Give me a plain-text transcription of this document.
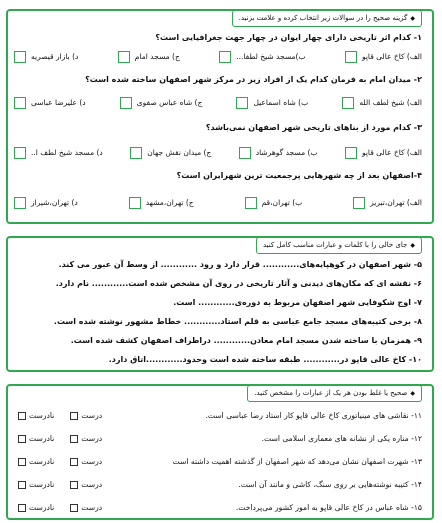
◆گزینه صحیح را در سوالات زیر انتخاب کرده و علامت بزنید.
۱- کدام اثر تاریخی دارای چهار ایوان در چهار جهت جغرافیایی است؟
الف) کاخ عالی قاپو
ب)مسجد شیخ لطفا...
ج) مسجد امام
د) بازار قیصریه
۲- میدان امام به فرمان کدام یک از افراد زیر در مرکز شهر اصفهان ساخته شده است؟
الف) شیخ لطف الله
ب) شاه اسماعیل
ج) شاه عباس صفوی
د) علیرضا عباسی
۳- کدام مورد از بناهای تاریخی شهر اصفهان نمی‌باشد؟
الف) کاخ عالی قاپو
ب) مسجد گوهرشاد
ج) میدان نقش جهان
د) مسجد شیخ لطف ا..
۴-اصفهان بعد از چه شهرهایی پرجمعیت ترین شهرایران است؟
الف) تهران،تبریز
ب) تهران،قم
ج) تهران،مشهد
د) تهران،شیراز
◆جای خالی را با کلمات و عبارات مناسب کامل کنید
۵- شهر اصفهان در کوهپایه‌های............ قرار دارد و رود ............ از وسط آن عبور می کند.
۶- نقشه ای که مکان‌های دیدنی و آثار تاریخی در روی آن مشخص شده است............ نام دارد.
۷- اوج شکوفایی شهر اصفهان مربوط به دوره‌ی............ است.
۸- برخی کتیبه‌های مسجد جامع عباسی به قلم استاد............ خطاط مشهور نوشته شده است.
۹- همزمان با ساخته شدن مسجد امام معادن............ دراطراف اصفهان کشف شده است.
۱۰- کاخ عالی قاپو در............ طبقه ساخته شده است وحدود............اتاق دارد.
◆صحیح یا غلط بودن هر یک از عبارات را مشخص کنید.
۱۱- نقاشی های مینیاتوری کاخ عالی قاپو کار استاد رضا عباسی است.
درست
نادرست
۱۲- مناره یکی از نشانه های معماری اسلامی است.
درست
نادرست
۱۳- شهرت اصفهان نشان می‌دهد که شهر اصفهان از گذشته اهمیت داشته است
درست
نادرست
۱۴- کتیبه نوشته‌هایی بر روی سنگ، کاشی و مانند آن است.
درست
نادرست
۱۵- شاه عباس در کاخ عالی قاپو به امور کشور می‌پرداخت.
درست
نادرست
